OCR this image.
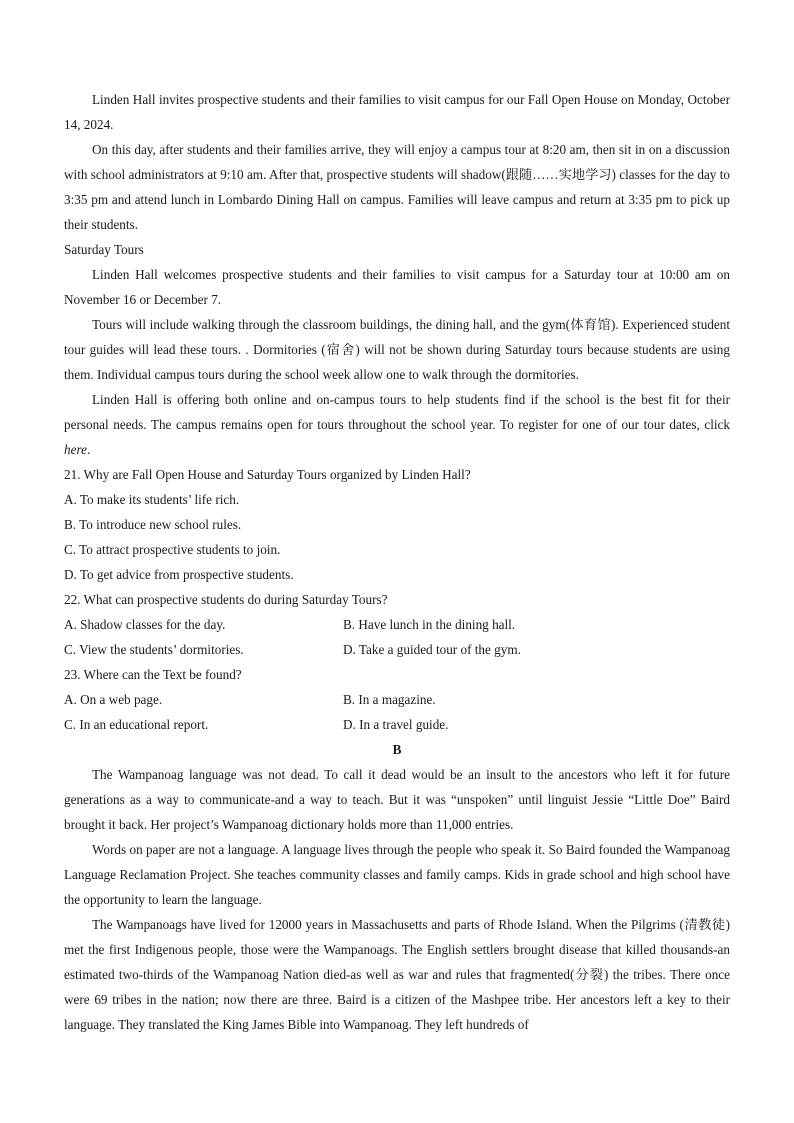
Linden Hall invites prospective students and their families to visit campus for our Fall Open House on Monday, October 14, 2024.

On this day, after students and their families arrive, they will enjoy a campus tour at 8:20 am, then sit in on a discussion with school administrators at 9:10 am. After that, prospective students will shadow(跟随……实地学习) classes for the day to 3:35 pm and attend lunch in Lombardo Dining Hall on campus. Families will leave campus and return at 3:35 pm to pick up their students.

Saturday Tours

Linden Hall welcomes prospective students and their families to visit campus for a Saturday tour at 10:00 am on November 16 or December 7.

Tours will include walking through the classroom buildings, the dining hall, and the gym(体育馆). Experienced student tour guides will lead these tours. . Dormitories (宿舍) will not be shown during Saturday tours because students are using them. Individual campus tours during the school week allow one to walk through the dormitories.

Linden Hall is offering both online and on-campus tours to help students find if the school is the best fit for their personal needs. The campus remains open for tours throughout the school year. To register for one of our tour dates, click here.

21. Why are Fall Open House and Saturday Tours organized by Linden Hall?

A. To make its students’ life rich.

B. To introduce new school rules.

C. To attract prospective students to join.

D. To get advice from prospective students.

22. What can prospective students do during Saturday Tours?

A. Shadow classes for the day.	B. Have lunch in the dining hall.
C. View the students’ dormitories.	D. Take a guided tour of the gym.

23. Where can the Text be found?

A. On a web page.	B. In a magazine.
C. In an educational report.	D. In a travel guide.

B

The Wampanoag language was not dead. To call it dead would be an insult to the ancestors who left it for future generations as a way to communicate-and a way to teach. But it was “unspoken” until linguist Jessie “Little Doe” Baird brought it back. Her project’s Wampanoag dictionary holds more than 11,000 entries.

Words on paper are not a language. A language lives through the people who speak it. So Baird founded the Wampanoag Language Reclamation Project. She teaches community classes and family camps. Kids in grade school and high school have the opportunity to learn the language.

The Wampanoags have lived for 12000 years in Massachusetts and parts of Rhode Island. When the Pilgrims (清教徒) met the first Indigenous people, those were the Wampanoags. The English settlers brought disease that killed thousands-an estimated two-thirds of the Wampanoag Nation died-as well as war and rules that fragmented(分裂) the tribes. There once were 69 tribes in the nation; now there are three. Baird is a citizen of the Mashpee tribe. Her ancestors left a key to their language. They translated the King James Bible into Wampanoag. They left hundreds of
